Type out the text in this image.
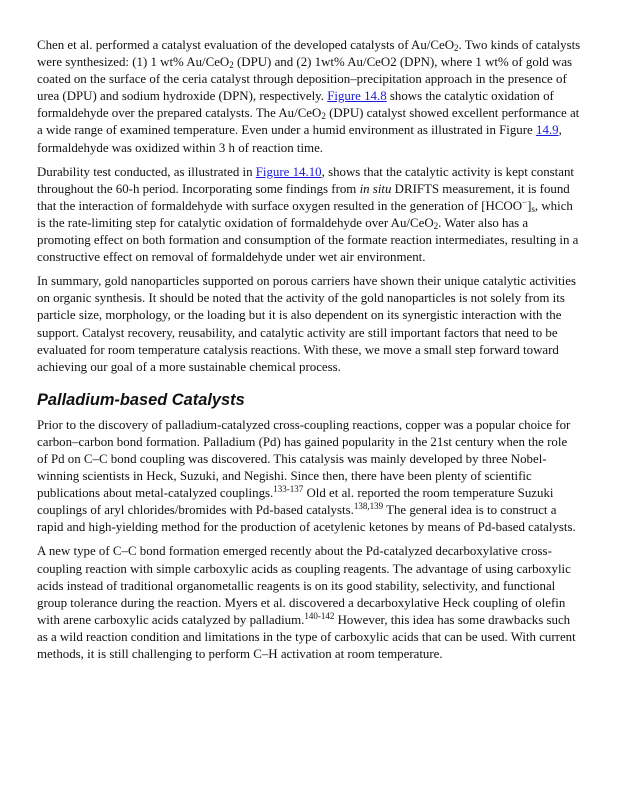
Chen et al. performed a catalyst evaluation of the developed catalysts of Au/CeO$_2$. Two kinds of catalysts were synthesized: (1) 1 wt% Au/CeO$_2$ (DPU) and (2) 1wt% Au/CeO2 (DPN), where 1 wt% of gold was coated on the surface of the ceria catalyst through deposition–precipitation approach in the presence of urea (DPU) and sodium hydroxide (DPN), respectively. Figure 14.8 shows the catalytic oxidation of formaldehyde over the prepared catalysts. The Au/CeO$_2$ (DPU) catalyst showed excellent performance at a wide range of examined temperature. Even under a humid environment as illustrated in Figure 14.9, formaldehyde was oxidized within 3 h of reaction time.

Durability test conducted, as illustrated in Figure 14.10, shows that the catalytic activity is kept constant throughout the 60-h period. Incorporating some findings from in situ DRIFTS measurement, it is found that the interaction of formaldehyde with surface oxygen resulted in the generation of $[HCOO^-]_s$, which is the rate-limiting step for catalytic oxidation of formaldehyde over Au/CeO$_2$. Water also has a promoting effect on both formation and consumption of the formate reaction intermediates, resulting in a constructive effect on removal of formaldehyde under wet air environment.

In summary, gold nanoparticles supported on porous carriers have shown their unique catalytic activities on organic synthesis. It should be noted that the activity of the gold nanoparticles is not solely from its particle size, morphology, or the loading but it is also dependent on its synergistic interaction with the support. Catalyst recovery, reusability, and catalytic activity are still important factors that need to be evaluated for room temperature catalysis reactions. With these, we move a small step forward toward achieving our goal of a more sustainable chemical process.

Palladium-based Catalysts

Prior to the discovery of palladium-catalyzed cross-coupling reactions, copper was a popular choice for carbon–carbon bond formation. Palladium (Pd) has gained popularity in the 21st century when the role of Pd on C–C bond coupling was discovered. This catalysis was mainly developed by three Nobel-winning scientists in Heck, Suzuki, and Negishi. Since then, there have been plenty of scientific publications about metal-catalyzed couplings.$^{133-137}$ Old et al. reported the room temperature Suzuki couplings of aryl chlorides/bromides with Pd-based catalysts.$^{138,139}$ The general idea is to construct a rapid and high-yielding method for the production of acetylenic ketones by means of Pd-based catalysts.

A new type of C–C bond formation emerged recently about the Pd-catalyzed decarboxylative cross-coupling reaction with simple carboxylic acids as coupling reagents. The advantage of using carboxylic acids instead of traditional organometallic reagents is on its good stability, selectivity, and functional group tolerance during the reaction. Myers et al. discovered a decarboxylative Heck coupling of olefin with arene carboxylic acids catalyzed by palladium.$^{140-142}$ However, this idea has some drawbacks such as a wild reaction condition and limitations in the type of carboxylic acids that can be used. With current methods, it is still challenging to perform C–H activation at room temperature.
